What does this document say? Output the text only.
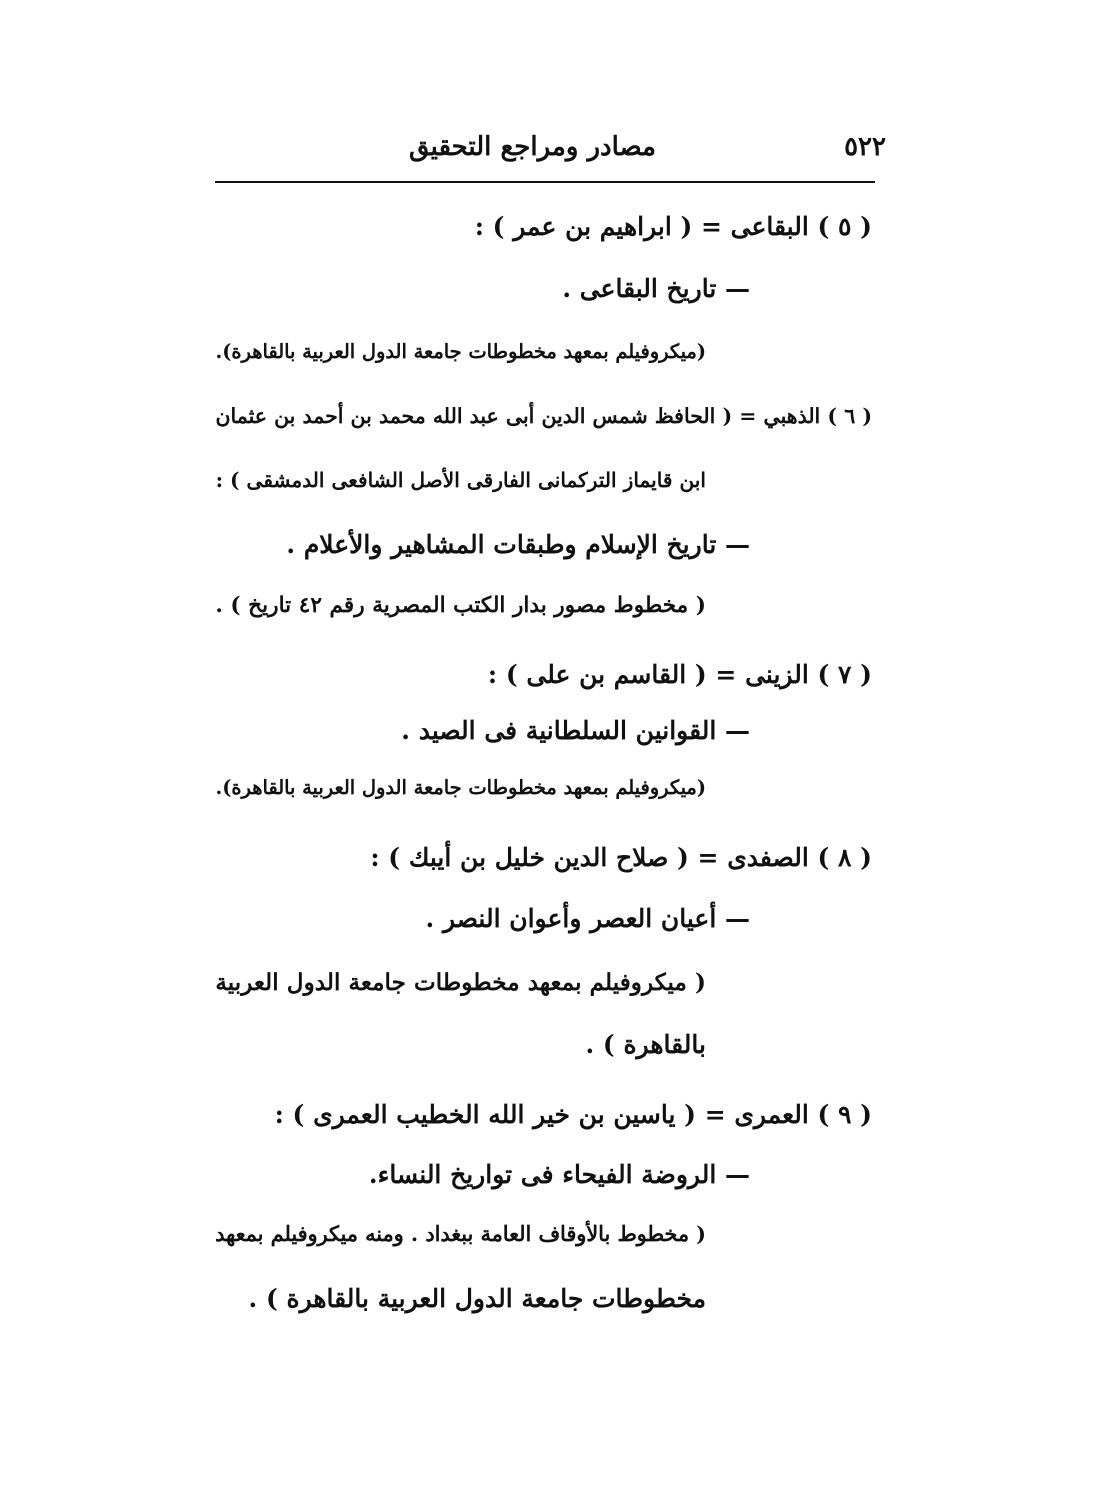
٥٢٢
مصادر ومراجع التحقيق
( ٥ ) البقاعى = ( ابراهيم بن عمر ) :
— تاريخ البقاعى .
(ميكروفيلم بمعهد مخطوطات جامعة الدول العربية بالقاهرة).
( ٦ ) الذهبي = ( الحافظ شمس الدين أبى عبد الله محمد بن أحمد بن عثمان
ابن قايماز التركمانى الفارقى الأصل الشافعى الدمشقى ) :
— تاريخ الإسلام وطبقات المشاهير والأعلام .
( مخطوط مصور بدار الكتب المصرية رقم ٤٢ تاريخ ) .
( ٧ ) الزينى = ( القاسم بن على ) :
— القوانين السلطانية فى الصيد .
(ميكروفيلم بمعهد مخطوطات جامعة الدول العربية بالقاهرة).
( ٨ ) الصفدى = ( صلاح الدين خليل بن أيبك ) :
— أعيان العصر وأعوان النصر .
( ميكروفيلم بمعهد مخطوطات جامعة الدول العربية
بالقاهرة ) .
( ٩ ) العمرى = ( ياسين بن خير الله الخطيب العمرى ) :
— الروضة الفيحاء فى تواريخ النساء.
( مخطوط بالأوقاف العامة ببغداد . ومنه ميكروفيلم بمعهد
مخطوطات جامعة الدول العربية بالقاهرة ) .
